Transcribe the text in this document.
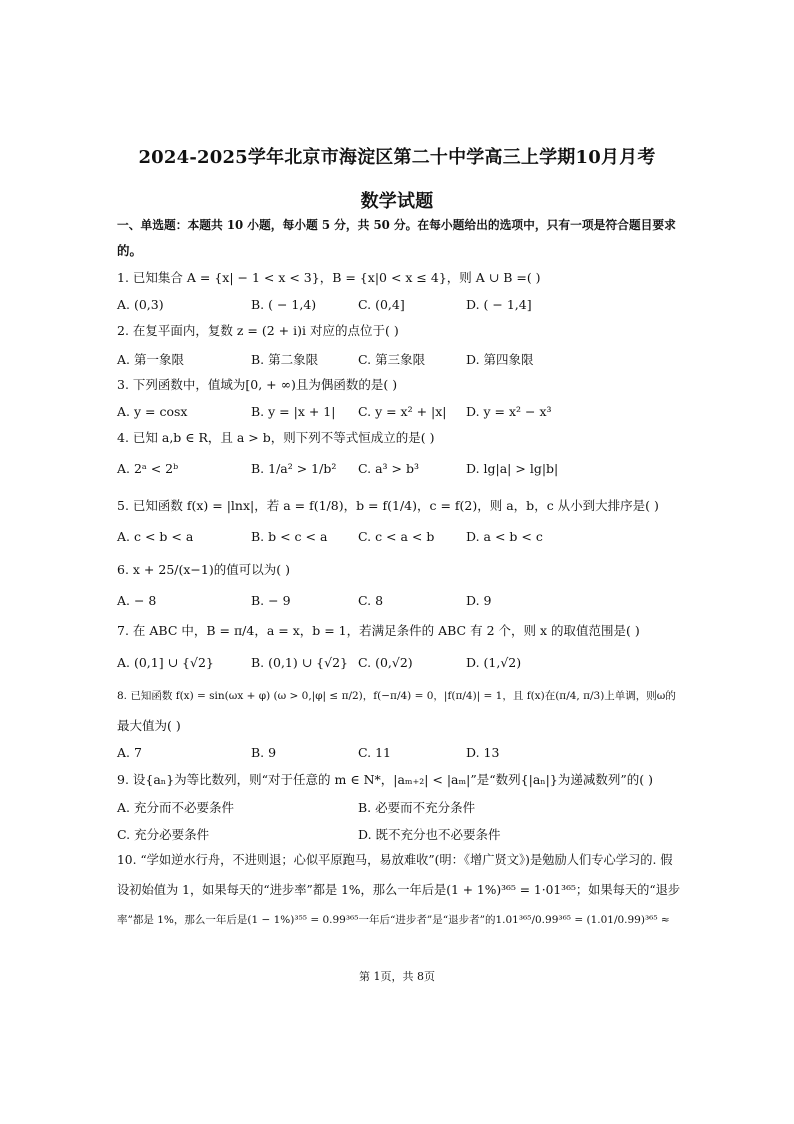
2024-2025学年北京市海淀区第二十中学高三上学期10月月考
数学试题
一、单选题：本题共 10 小题，每小题 5 分，共 50 分。在每小题给出的选项中，只有一项是符合题目要求
的。
1. 已知集合 A = {x| − 1 < x < 3}，B = {x|0 < x ≤ 4}，则 A ∪ B =( )
A. (0,3)	B. ( − 1,4)	C. (0,4]	D. ( − 1,4]
2. 在复平面内，复数 z = (2 + i)i 对应的点位于( )
A. 第一象限	B. 第二象限	C. 第三象限	D. 第四象限
3. 下列函数中，值域为[0, + ∞)且为偶函数的是( )
A. y = cosx	B. y = |x + 1| C. y = x² + |x| D. y = x² − x³
4. 已知 a,b ∈ R，且 a > b，则下列不等式恒成立的是( )
A. 2ᵃ < 2ᵇ	B. 1/a² > 1/b² C. a³ > b³	D. lg|a| > lg|b|
5. 已知函数 f(x) = |lnx|，若 a = f(1/8)，b = f(1/4)，c = f(2)，则 a，b，c 从小到大排序是( )
A. c < b < a	B. b < c < a C. c < a < b	D. a < b < c
6. x + 25/(x−1)的值可以为( )
A. − 8	B. − 9	C. 8	D. 9
7. 在 ABC 中，B = π/4，a = x，b = 1，若满足条件的 ABC 有 2 个，则 x 的取值范围是( )
A. (0,1] ∪ {√2}	B. (0,1) ∪ {√2} C. (0,√2)	D. (1,√2)
8. 已知函数 f(x) = sin(ωx + φ) (ω > 0,|φ| ≤ π/2)，f(−π/4) = 0，|f(π/4)| = 1，且 f(x)在(π/4, π/3)上单调，则ω的
最大值为( )
A. 7	B. 9	C. 11	D. 13
9. 设{aₙ}为等比数列，则“对于任意的 m ∈ N*，|aₘ₊₂| < |aₘ|”是“数列{|aₙ|}为递减数列”的( )
A. 充分而不必要条件	B. 必要而不充分条件
C. 充分必要条件	D. 既不充分也不必要条件
10. “学如逆水行舟，不进则退；心似平原跑马，易放难收”(明：《增广贤文》)是勉励人们专心学习的. 假
设初始值为 1，如果每天的“进步率”都是 1%，那么一年后是(1 + 1%)³⁶⁵ = 1·01³⁶⁵；如果每天的“退步
率”都是 1%，那么一年后是(1 − 1%)³⁵⁵ = 0.99³⁶⁵一年后“进步者”是“退步者”的1.01³⁶⁵/0.99³⁶⁵ = (1.01/0.99)³⁶⁵ ≈
第 1页，共 8页
